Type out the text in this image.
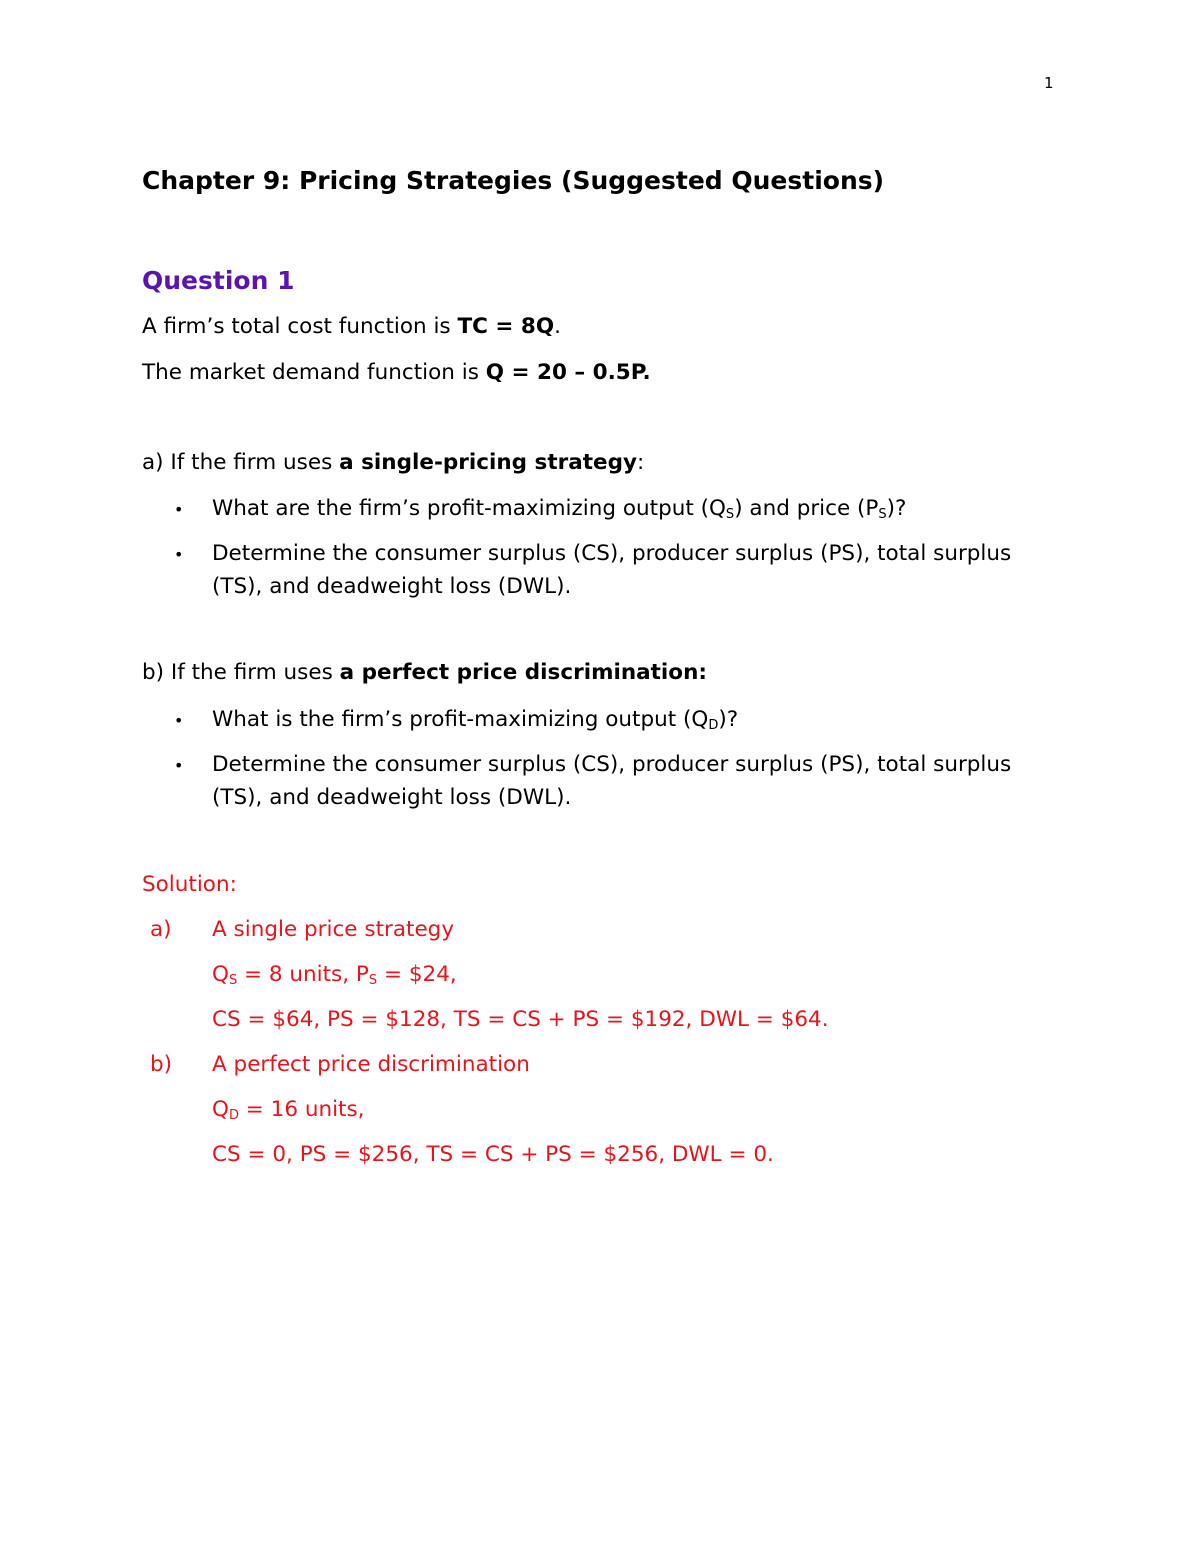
1
Chapter 9: Pricing Strategies (Suggested Questions)
Question 1
A firm’s total cost function is TC = 8Q.
The market demand function is Q = 20 – 0.5P.
a) If the firm uses a single-pricing strategy:
• What are the firm’s profit-maximizing output $(Q_S)$ and price $(P_S)$?
• Determine the consumer surplus (CS), producer surplus (PS), total surplus (TS), and deadweight loss (DWL).
b) If the firm uses a perfect price discrimination:
• What is the firm’s profit-maximizing output $(Q_D)$?
• Determine the consumer surplus (CS), producer surplus (PS), total surplus (TS), and deadweight loss (DWL).
Solution:
a) A single price strategy
$Q_S = 8$ units, $P_S$ = $24,
CS = $64, PS = $128, TS = CS + PS = $192, DWL = $64.
b) A perfect price discrimination
$Q_D = 16$ units,
CS = 0, PS = $256, TS = CS + PS = $256, DWL = 0.
